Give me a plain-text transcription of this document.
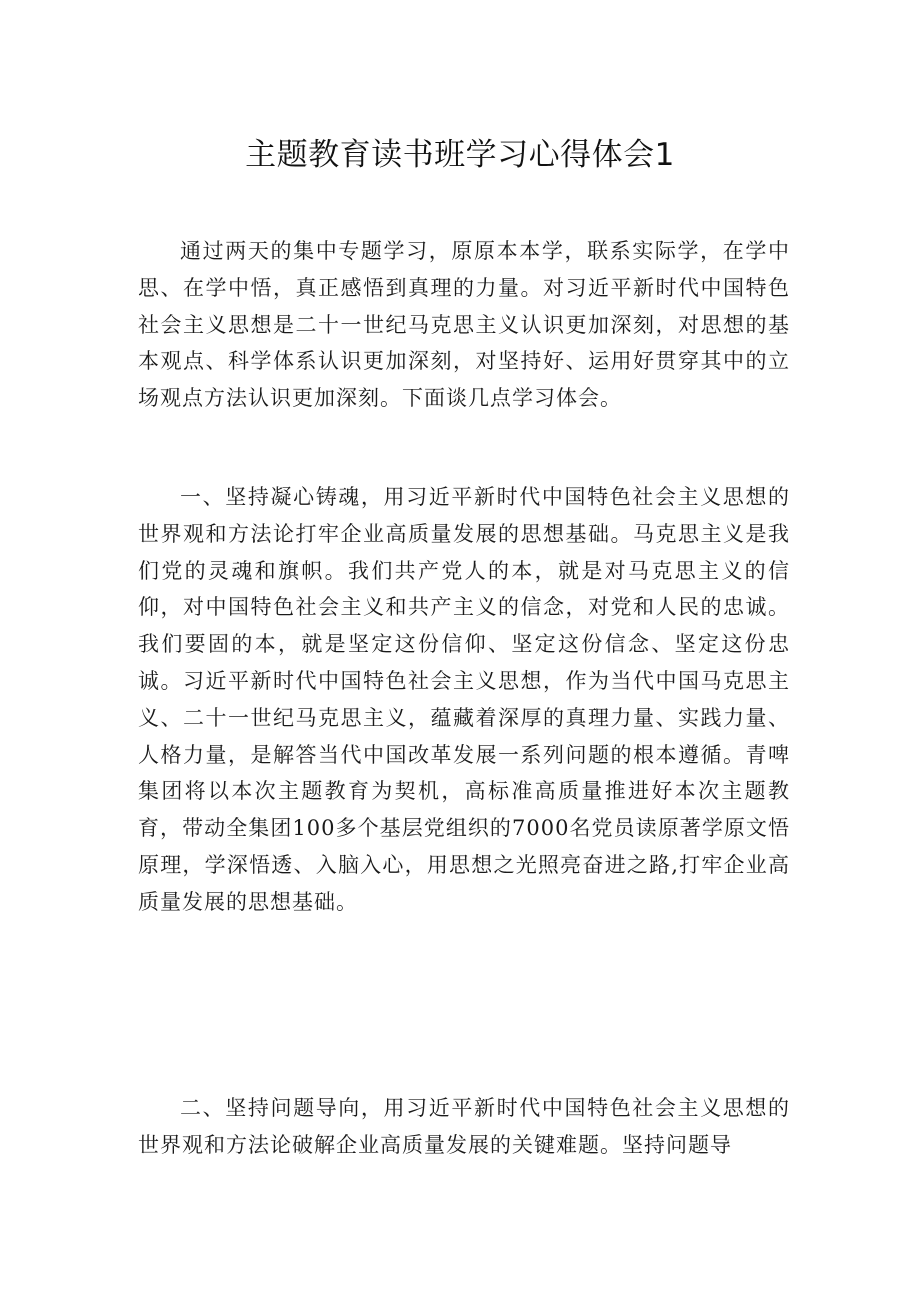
主题教育读书班学习心得体会1

通过两天的集中专题学习，原原本本学，联系实际学，在学中思、在学中悟，真正感悟到真理的力量。对习近平新时代中国特色社会主义思想是二十一世纪马克思主义认识更加深刻，对思想的基本观点、科学体系认识更加深刻，对坚持好、运用好贯穿其中的立场观点方法认识更加深刻。下面谈几点学习体会。

一、坚持凝心铸魂，用习近平新时代中国特色社会主义思想的世界观和方法论打牢企业高质量发展的思想基础。马克思主义是我们党的灵魂和旗帜。我们共产党人的本，就是对马克思主义的信仰，对中国特色社会主义和共产主义的信念，对党和人民的忠诚。我们要固的本，就是坚定这份信仰、坚定这份信念、坚定这份忠诚。习近平新时代中国特色社会主义思想，作为当代中国马克思主义、二十一世纪马克思主义，蕴藏着深厚的真理力量、实践力量、人格力量，是解答当代中国改革发展一系列问题的根本遵循。青啤集团将以本次主题教育为契机，高标准高质量推进好本次主题教育，带动全集团100多个基层党组织的7000名党员读原著学原文悟原理，学深悟透、入脑入心，用思想之光照亮奋进之路,打牢企业高质量发展的思想基础。

二、坚持问题导向，用习近平新时代中国特色社会主义思想的世界观和方法论破解企业高质量发展的关键难题。坚持问题导
